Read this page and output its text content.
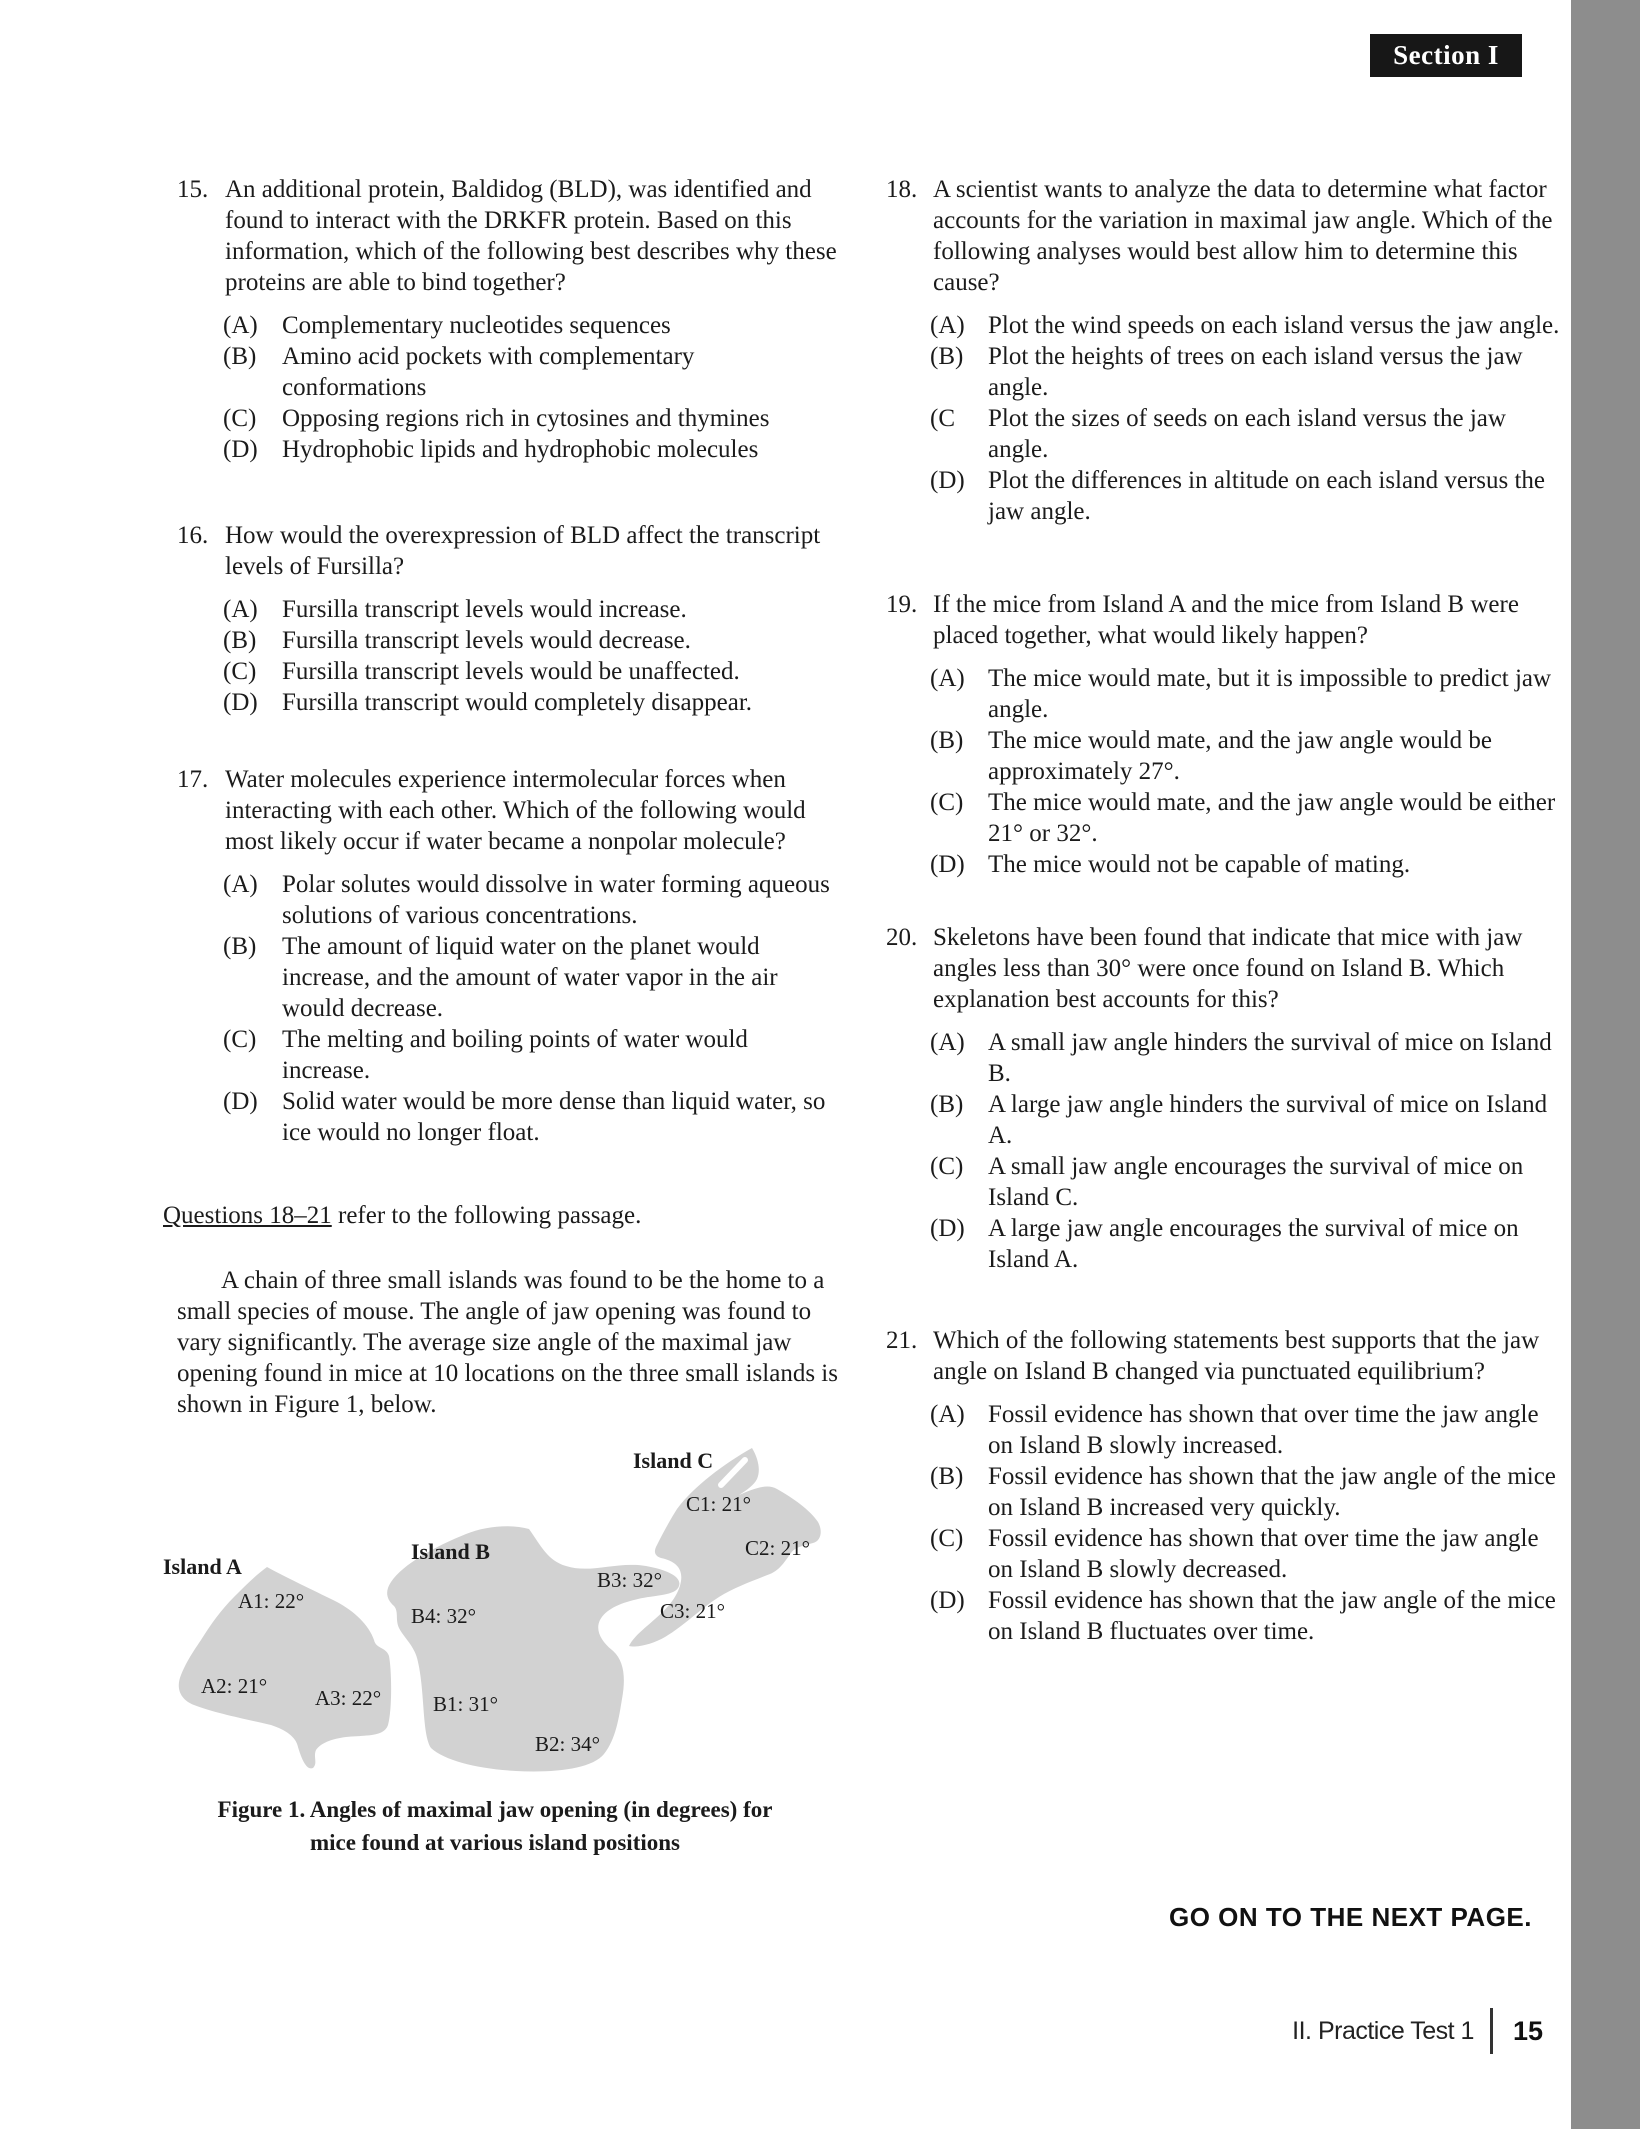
Section I
15. An additional protein, Baldidog (BLD), was identified and found to interact with the DRKFR protein. Based on this information, which of the following best describes why these proteins are able to bind together?
(A) Complementary nucleotides sequences
(B)	Amino acid pockets with complementary conformations
(C)	Opposing regions rich in cytosines and thymines
(D) Hydrophobic lipids and hydrophobic molecules
16. How would the overexpression of BLD affect the transcript levels of Fursilla?
(A) Fursilla transcript levels would increase.
(B)	Fursilla transcript levels would decrease.
(C)	Fursilla transcript levels would be unaffected.
(D) Fursilla transcript would completely disappear.
17. Water molecules experience intermolecular forces when interacting with each other. Which of the following would most likely occur if water became a nonpolar molecule?
(A) Polar solutes would dissolve in water forming aqueous solutions of various concentrations.
(B)	The amount of liquid water on the planet would increase, and the amount of water vapor in the air would decrease.
(C)	The melting and boiling points of water would increase.
(D) Solid water would be more dense than liquid water, so ice would no longer float.
Questions 18–21 refer to the following passage.
A chain of three small islands was found to be the home to a small species of mouse. The angle of jaw opening was found to vary significantly. The average size angle of the maximal jaw opening found in mice at 10 locations on the three small islands is shown in Figure 1, below.
Island A
Island B
Island C
A1: 22°
A2: 21° A3: 22°
B4: 32°
B3: 32°
B1: 31°
B2: 34°
C1: 21°
C2: 21°
C3: 21°
Figure 1. Angles of maximal jaw opening (in degrees) for
mice found at various island positions
18. A scientist wants to analyze the data to determine what factor accounts for the variation in maximal jaw angle. Which of the following analyses would best allow him to determine this cause?
(A) Plot the wind speeds on each island versus the jaw angle.
(B) Plot the heights of trees on each island versus the jaw angle.
(C	Plot the sizes of seeds on each island versus the jaw angle.
(D) Plot the differences in altitude on each island versus the jaw angle.
19. If the mice from Island A and the mice from Island B were placed together, what would likely happen?
(A) The mice would mate, but it is impossible to predict jaw angle.
(B) The mice would mate, and the jaw angle would be approximately 27°.
(C) The mice would mate, and the jaw angle would be either 21° or 32°.
(D) The mice would not be capable of mating.
20. Skeletons have been found that indicate that mice with jaw angles less than 30° were once found on Island B. Which explanation best accounts for this?
(A) A small jaw angle hinders the survival of mice on Island B.
(B) A large jaw angle hinders the survival of mice on Island A.
(C) A small jaw angle encourages the survival of mice on Island C.
(D) A large jaw angle encourages the survival of mice on Island A.
21. Which of the following statements best supports that the jaw angle on Island B changed via punctuated equilibrium?
(A) Fossil evidence has shown that over time the jaw angle on Island B slowly increased.
(B) Fossil evidence has shown that the jaw angle of the mice on Island B increased very quickly.
(C) Fossil evidence has shown that over time the jaw angle on Island B slowly decreased.
(D) Fossil evidence has shown that the jaw angle of the mice on Island B fluctuates over time.
GO ON TO THE NEXT PAGE.
II. Practice Test 1 15
